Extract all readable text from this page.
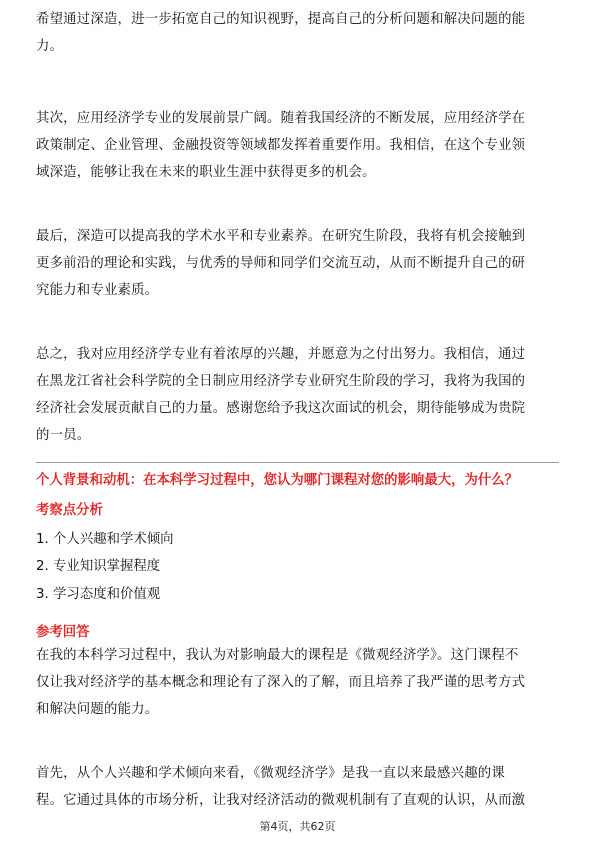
希望通过深造，进一步拓宽自己的知识视野，提高自己的分析问题和解决问题的能
力。

其次，应用经济学专业的发展前景广阔。随着我国经济的不断发展，应用经济学在
政策制定、企业管理、金融投资等领域都发挥着重要作用。我相信，在这个专业领
域深造，能够让我在未来的职业生涯中获得更多的机会。

最后，深造可以提高我的学术水平和专业素养。在研究生阶段，我将有机会接触到
更多前沿的理论和实践，与优秀的导师和同学们交流互动，从而不断提升自己的研
究能力和专业素质。

总之，我对应用经济学专业有着浓厚的兴趣，并愿意为之付出努力。我相信，通过
在黑龙江省社会科学院的全日制应用经济学专业研究生阶段的学习，我将为我国的
经济社会发展贡献自己的力量。感谢您给予我这次面试的机会，期待能够成为贵院
的一员。

个人背景和动机：在本科学习过程中，您认为哪门课程对您的影响最大，为什么？
考察点分析
1. 个人兴趣和学术倾向
2. 专业知识掌握程度
3. 学习态度和价值观
参考回答

在我的本科学习过程中，我认为对影响最大的课程是《微观经济学》。这门课程不
仅让我对经济学的基本概念和理论有了深入的了解，而且培养了我严谨的思考方式
和解决问题的能力。

首先，从个人兴趣和学术倾向来看，《微观经济学》是我一直以来最感兴趣的课
程。它通过具体的市场分析，让我对经济活动的微观机制有了直观的认识，从而激

第4页，共62页
